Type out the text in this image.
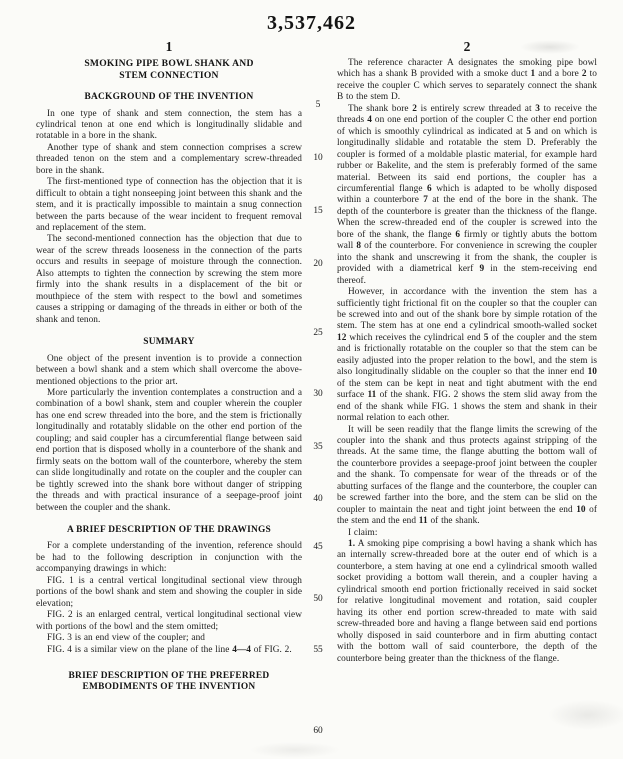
3,537,462
1
SMOKING PIPE BOWL SHANK AND STEM CONNECTION
BACKGROUND OF THE INVENTION

In one type of shank and stem connection, the stem has a cylindrical tenon at one end which is longitudinally slidable and rotatable in a bore in the shank.

Another type of shank and stem connection comprises a screw threaded tenon on the stem and a complementary screw-threaded bore in the shank.

The first-mentioned type of connection has the objection that it is difficult to obtain a tight nonseeping joint between this shank and the stem, and it is practically impossible to maintain a snug connection between the parts because of the wear incident to frequent removal and replacement of the stem.

The second-mentioned connection has the objection that due to wear of the screw threads looseness in the connection of the parts occurs and results in seepage of moisture through the connection. Also attempts to tighten the connection by screwing the stem more firmly into the shank results in a displacement of the bit or mouthpiece of the stem with respect to the bowl and sometimes causes a stripping or damaging of the threads in either or both of the shank and tenon.

SUMMARY

One object of the present invention is to provide a connection between a bowl shank and a stem which shall overcome the above-mentioned objections to the prior art.

More particularly the invention contemplates a construction and a combination of a bowl shank, stem and coupler wherein the coupler has one end screw threaded into the bore, and the stem is frictionally longitudinally and rotatably slidable on the other end portion of the coupling; and said coupler has a circumferential flange between said end portion that is disposed wholly in a counterbore of the shank and firmly seats on the bottom wall of the counterbore, whereby the stem can slide longitudinally and rotate on the coupler and the coupler can be tightly screwed into the shank bore without danger of stripping the threads and with practical insurance of a seepage-proof joint between the coupler and the shank.

A BRIEF DESCRIPTION OF THE DRAWINGS

For a complete understanding of the invention, reference should be had to the following description in conjunction with the accompanying drawings in which:

FIG. 1 is a central vertical longitudinal sectional view through portions of the bowl shank and stem and showing the coupler in side elevation;

FIG. 2 is an enlarged central, vertical longitudinal sectional view with portions of the bowl and the stem omitted;

FIG. 3 is an end view of the coupler; and

FIG. 4 is a similar view on the plane of the line 4—4 of FIG. 2.

BRIEF DESCRIPTION OF THE PREFERRED EMBODIMENTS OF THE INVENTION
5
10
15
20
25
30
35
40
45
50
55
60
2

The reference character A designates the smoking pipe bowl which has a shank B provided with a smoke duct 1 and a bore 2 to receive the coupler C which serves to separately connect the shank B to the stem D.

The shank bore 2 is entirely screw threaded at 3 to receive the threads 4 on one end portion of the coupler C the other end portion of which is smoothly cylindrical as indicated at 5 and on which is longitudinally slidable and rotatable the stem D. Preferably the coupler is formed of a moldable plastic material, for example hard rubber or Bakelite, and the stem is preferably formed of the same material. Between its said end portions, the coupler has a circumferential flange 6 which is adapted to be wholly disposed within a counterbore 7 at the end of the bore in the shank. The depth of the counterbore is greater than the thickness of the flange. When the screw-threaded end of the coupler is screwed into the bore of the shank, the flange 6 firmly or tightly abuts the bottom wall 8 of the counterbore. For convenience in screwing the coupler into the shank and unscrewing it from the shank, the coupler is provided with a diametrical kerf 9 in the stem-receiving end thereof.

However, in accordance with the invention the stem has a sufficiently tight frictional fit on the coupler so that the coupler can be screwed into and out of the shank bore by simple rotation of the stem. The stem has at one end a cylindrical smooth-walled socket 12 which receives the cylindrical end 5 of the coupler and the stem and is frictionally rotatable on the coupler so that the stem can be easily adjusted into the proper relation to the bowl, and the stem is also longitudinally slidable on the coupler so that the inner end 10 of the stem can be kept in neat and tight abutment with the end surface 11 of the shank. FIG. 2 shows the stem slid away from the end of the shank while FIG. 1 shows the stem and shank in their normal relation to each other.

It will be seen readily that the flange limits the screwing of the coupler into the shank and thus protects against stripping of the threads. At the same time, the flange abutting the bottom wall of the counterbore provides a seepage-proof joint between the coupler and the shank. To compensate for wear of the threads or of the abutting surfaces of the flange and the counterbore, the coupler can be screwed farther into the bore, and the stem can be slid on the coupler to maintain the neat and tight joint between the end 10 of the stem and the end 11 of the shank.

I claim:

1. A smoking pipe comprising a bowl having a shank which has an internally screw-threaded bore at the outer end of which is a counterbore, a stem having at one end a cylindrical smooth walled socket providing a bottom wall therein, and a coupler having a cylindrical smooth end portion frictionally received in said socket for relative longitudinal movement and rotation, said coupler having its other end portion screw-threaded to mate with said screw-threaded bore and having a flange between said end portions wholly disposed in said counterbore and in firm abutting contact with the bottom wall of said counterbore, the depth of the counterbore being greater than the thickness of the flange.
